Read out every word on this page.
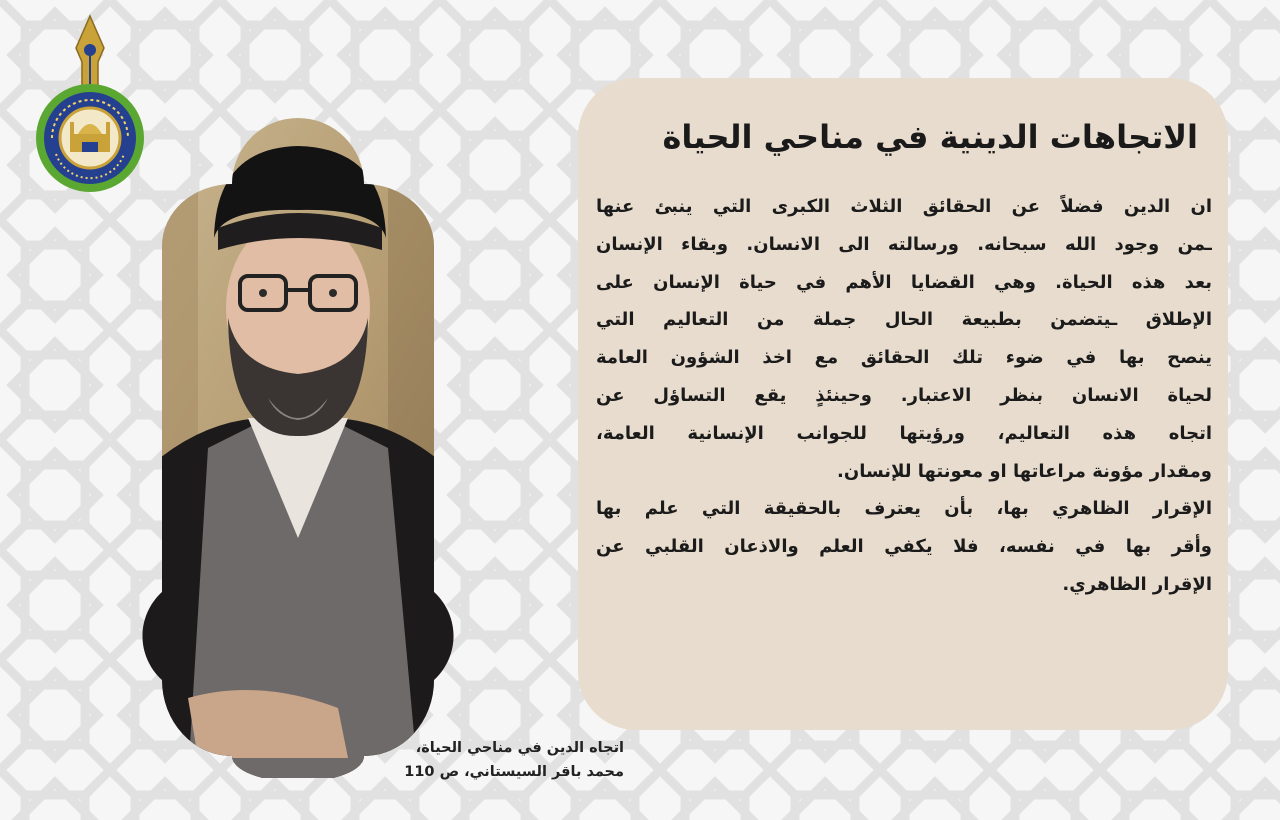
اتجاه الدين في مناحي الحياة،
محمد باقر السيستاني، ص 110
الاتجاهات الدينية في مناحي الحياة
ان الدين فضلاً عن الحقائق الثلاث الكبرى التي ينبئ عنها
ـمن وجود الله سبحانه. ورسالته الى الانسان. وبقاء الإنسان
بعد هذه الحياة. وهي القضايا الأهم في حياة الإنسان على
الإطلاق ـيتضمن بطبيعة الحال جملة من التعاليم التي
ينصح بها في ضوء تلك الحقائق مع اخذ الشؤون العامة
لحياة الانسان بنظر الاعتبار. وحينئذٍ يقع التساؤل عن
اتجاه هذه التعاليم، ورؤيتها للجوانب الإنسانية العامة،
ومقدار مؤونة مراعاتها او معونتها للإنسان.
الإقرار الظاهري بها، بأن يعترف بالحقيقة التي علم بها
وأقر بها في نفسه، فلا يكفي العلم والاذعان القلبي عن
الإقرار الظاهري.
